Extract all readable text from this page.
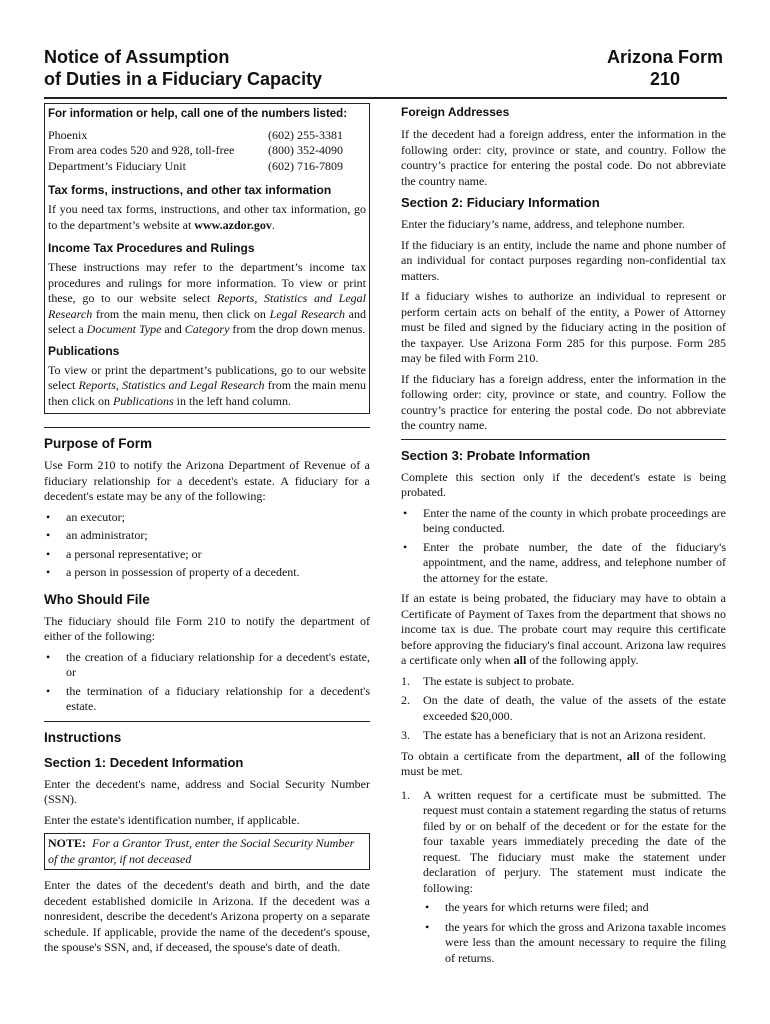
Notice of Assumption
of Duties in a Fiduciary Capacity
Arizona Form
210
For information or help, call one of the numbers listed:
Phoenix	(602) 255-3381
From area codes 520 and 928, toll-free	(800) 352-4090
Department’s Fiduciary Unit	(602) 716-7809
Tax forms, instructions, and other tax information

If you need tax forms, instructions, and other tax information, go to the department’s website at www.azdor.gov.

Income Tax Procedures and Rulings

These instructions may refer to the department’s income tax procedures and rulings for more information. To view or print these, go to our website select Reports, Statistics and Legal Research from the main menu, then click on Legal Research and select a Document Type and Category from the drop down menus.

Publications

To view or print the department’s publications, go to our website select Reports, Statistics and Legal Research from the main menu then click on Publications in the left hand column.

Purpose of Form

Use Form 210 to notify the Arizona Department of Revenue of a fiduciary relationship for a decedent's estate. A fiduciary for a decedent's estate may be any of the following:

• an executor;
• an administrator;
• a personal representative; or
• a person in possession of property of a decedent.
Who Should File

The fiduciary should file Form 210 to notify the department of either of the following:

• the creation of a fiduciary relationship for a decedent's estate, or
• the termination of a fiduciary relationship for a decedent's estate.
Instructions
Section 1: Decedent Information

Enter the decedent's name, address and Social Security Number (SSN).

Enter the estate's identification number, if applicable.

NOTE: For a Grantor Trust, enter the Social Security Number of the grantor, if not deceased

Enter the dates of the decedent's death and birth, and the date decedent established domicile in Arizona. If the decedent was a nonresident, describe the decedent's Arizona property on a separate schedule. If applicable, provide the name of the decedent's spouse, the spouse's SSN, and, if deceased, the spouse's date of death.

Foreign Addresses

If the decedent had a foreign address, enter the information in the following order: city, province or state, and country. Follow the country’s practice for entering the postal code. Do not abbreviate the country name.

Section 2: Fiduciary Information

Enter the fiduciary’s name, address, and telephone number.

If the fiduciary is an entity, include the name and phone number of an individual for contact purposes regarding non-confidential tax matters.

If a fiduciary wishes to authorize an individual to represent or perform certain acts on behalf of the entity, a Power of Attorney must be filed and signed by the fiduciary acting in the position of the taxpayer. Use Arizona Form 285 for this purpose. Form 285 may be filed with Form 210.

If the fiduciary has a foreign address, enter the information in the following order: city, province or state, and country. Follow the country’s practice for entering the postal code. Do not abbreviate the country name.

Section 3: Probate Information

Complete this section only if the decedent's estate is being probated.

• Enter the name of the county in which probate proceedings are being conducted.
• Enter the probate number, the date of the fiduciary's appointment, and the name, address, and telephone number of the attorney for the estate.

If an estate is being probated, the fiduciary may have to obtain a Certificate of Payment of Taxes from the department that shows no income tax is due. The probate court may require this certificate before approving the fiduciary's final account. Arizona law requires a certificate only when all of the following apply.

1. The estate is subject to probate.
2. On the date of death, the value of the assets of the estate exceeded $20,000.
3. The estate has a beneficiary that is not an Arizona resident.

To obtain a certificate from the department, all of the following must be met.

1. A written request for a certificate must be submitted. The request must contain a statement regarding the status of returns filed by or on behalf of the decedent or for the estate for the four taxable years immediately preceding the date of the request. The fiduciary must make the statement under declaration of perjury. The statement must indicate the following:
• the years for which returns were filed; and
• the years for which the gross and Arizona taxable incomes were less than the amount necessary to require the filing of returns.
